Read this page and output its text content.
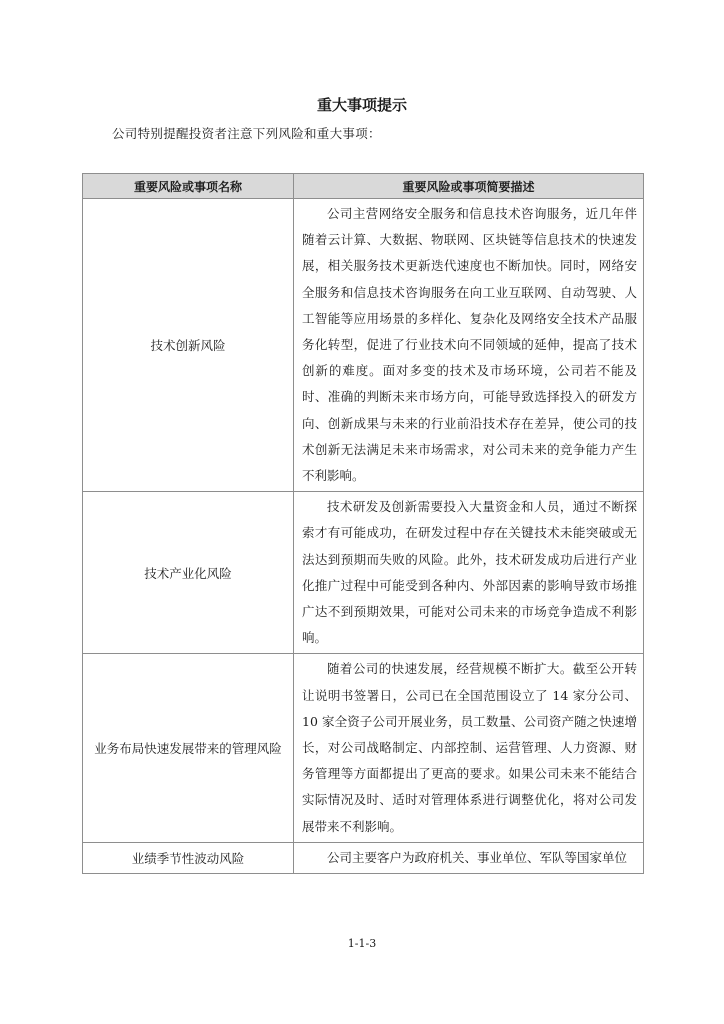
重大事项提示
公司特别提醒投资者注意下列风险和重大事项：
重要风险或事项名称	重要风险或事项简要描述
技术创新风险	公司主营网络安全服务和信息技术咨询服务，近几年伴随着云计算、大数据、物联网、区块链等信息技术的快速发展，相关服务技术更新迭代速度也不断加快。同时，网络安全服务和信息技术咨询服务在向工业互联网、自动驾驶、人工智能等应用场景的多样化、复杂化及网络安全技术产品服务化转型，促进了行业技术向不同领域的延伸，提高了技术创新的难度。面对多变的技术及市场环境，公司若不能及时、准确的判断未来市场方向，可能导致选择投入的研发方向、创新成果与未来的行业前沿技术存在差异，使公司的技术创新无法满足未来市场需求，对公司未来的竞争能力产生不利影响。

技术产业化风险	技术研发及创新需要投入大量资金和人员，通过不断探索才有可能成功，在研发过程中存在关键技术未能突破或无法达到预期而失败的风险。此外，技术研发成功后进行产业化推广过程中可能受到各种内、外部因素的影响导致市场推广达不到预期效果，可能对公司未来的市场竞争造成不利影响。

业务布局快速发展带来的管理风险	随着公司的快速发展，经营规模不断扩大。截至公开转让说明书签署日，公司已在全国范围设立了 14 家分公司、10 家全资子公司开展业务，员工数量、公司资产随之快速增长，对公司战略制定、内部控制、运营管理、人力资源、财务管理等方面都提出了更高的要求。如果公司未来不能结合实际情况及时、适时对管理体系进行调整优化，将对公司发展带来不利影响。

业绩季节性波动风险	公司主要客户为政府机关、事业单位、军队等国家单位

1-1-3
